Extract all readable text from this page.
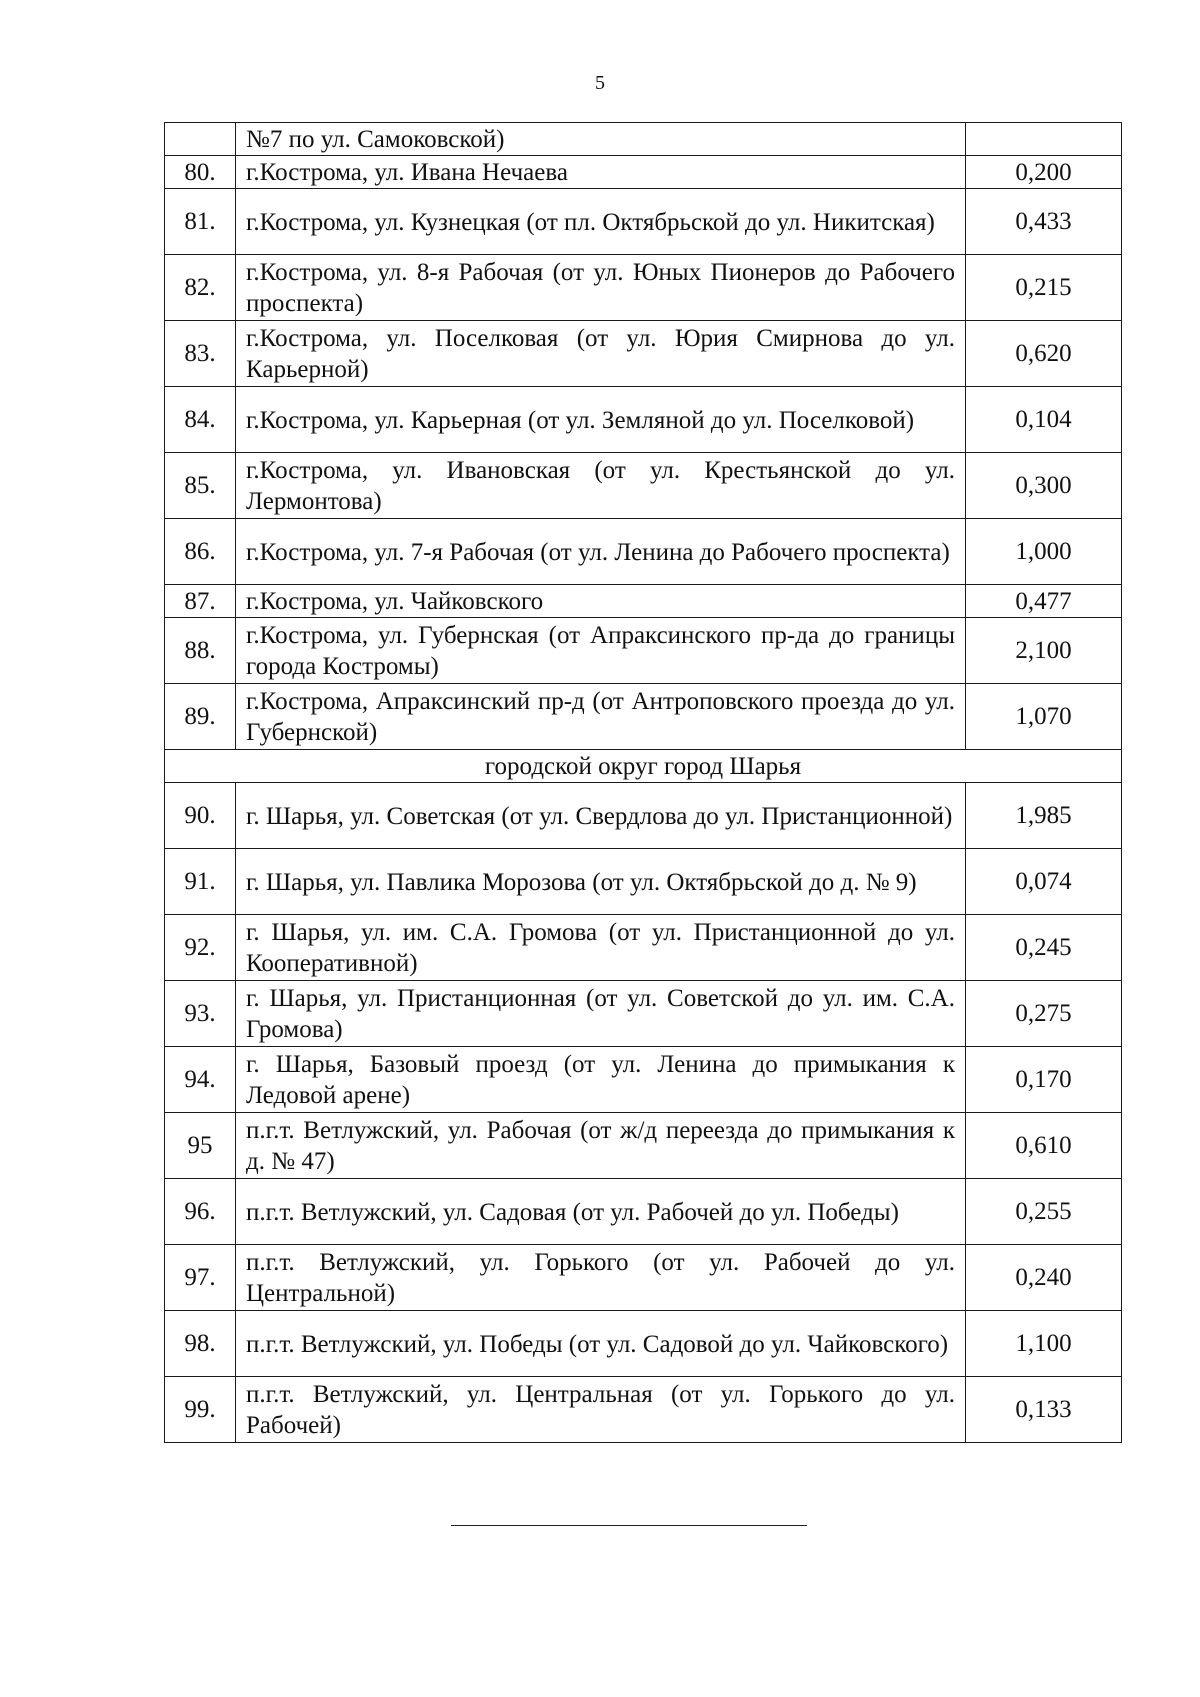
5
	№7 по ул. Самоковской)	
80.	г.Кострома, ул. Ивана Нечаева	0,200
81.	г.Кострома, ул. Кузнецкая (от пл. Октябрьской до ул. Никитская)	0,433
82.	г.Кострома, ул. 8-я Рабочая (от ул. Юных Пионеров до Рабочего проспекта)	0,215
83.	г.Кострома, ул. Поселковая (от ул. Юрия Смирнова до ул. Карьерной)	0,620
84.	г.Кострома, ул. Карьерная (от ул. Земляной до ул. Поселковой)	0,104
85.	г.Кострома, ул. Ивановская (от ул. Крестьянской до ул. Лермонтова)	0,300
86.	г.Кострома, ул. 7-я Рабочая (от ул. Ленина до Рабочего проспекта)	1,000
87.	г.Кострома, ул. Чайковского	0,477
88.	г.Кострома, ул. Губернская (от Апраксинского пр-да до границы города Костромы)	2,100
89.	г.Кострома, Апраксинский пр-д (от Антроповского проезда до ул. Губернской)	1,070
городской округ город Шарья		
90.	г. Шарья, ул. Советская (от ул. Свердлова до ул. Пристанционной)	1,985
91.	г. Шарья, ул. Павлика Морозова (от ул. Октябрьской до д. № 9)	0,074
92.	г. Шарья, ул. им. С.А. Громова (от ул. Пристанционной до ул. Кооперативной)	0,245
93.	г. Шарья, ул. Пристанционная (от ул. Советской до ул. им. С.А. Громова)	0,275
94.	г. Шарья, Базовый проезд (от ул. Ленина до примыкания к Ледовой арене)	0,170
95	п.г.т. Ветлужский, ул. Рабочая (от ж/д переезда до примыкания к д. № 47)	0,610
96.	п.г.т. Ветлужский, ул. Садовая (от ул. Рабочей до ул. Победы)	0,255
97.	п.г.т. Ветлужский, ул. Горького (от ул. Рабочей до ул. Центральной)	0,240
98.	п.г.т. Ветлужский, ул. Победы (от ул. Садовой до ул. Чайковского)	1,100
99.	п.г.т. Ветлужский, ул. Центральная (от ул. Горького до ул. Рабочей)	0,133
